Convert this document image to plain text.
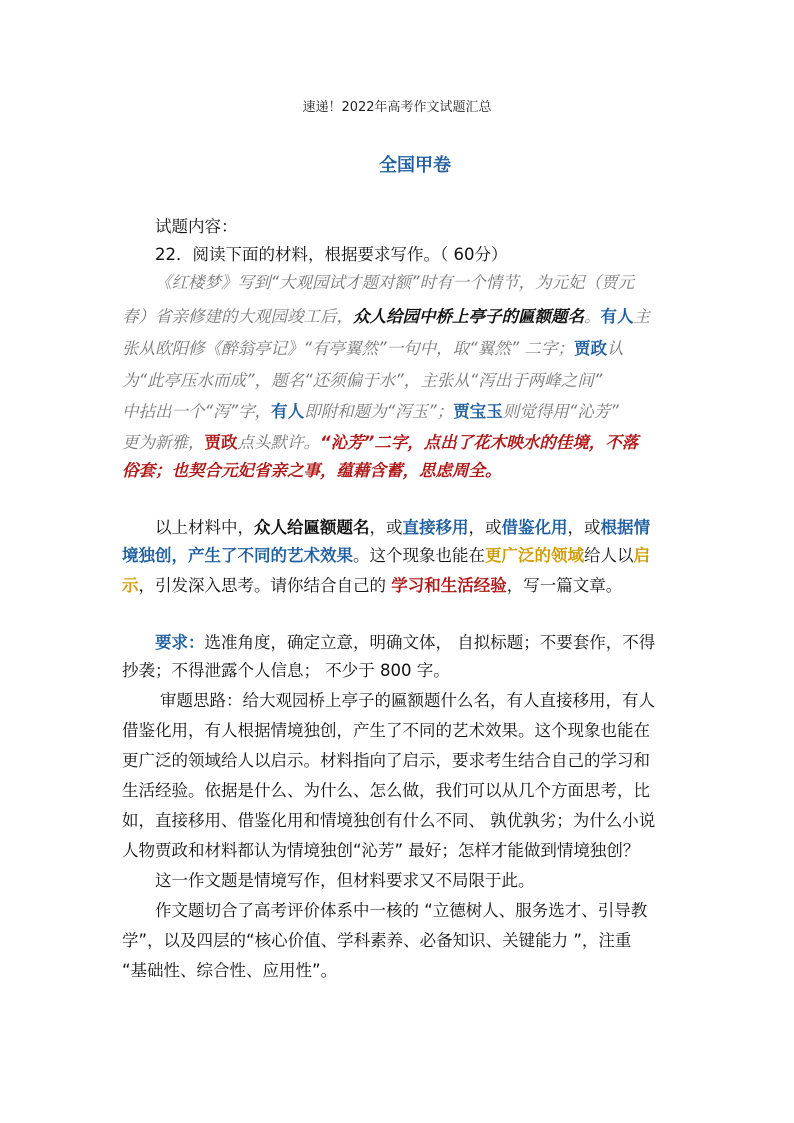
速递！2022年高考作文试题汇总
全国甲卷
试题内容：
22．阅读下面的材料，根据要求写作。（ 60分）
《红楼梦》写到“大观园试才题对额”时有一个情节，为元妃（贾元
春）省亲修建的大观园竣工后，众人给园中桥上亭子的匾额题名。有人主
张从欧阳修《醉翁亭记》“有亭翼然”一句中，取“翼然” 二字；贾政认
为“此亭压水而成”，题名“还须偏于水”，主张从“泻出于两峰之间”
中拈出一个“泻”字，有人即附和题为“泻玉”；贾宝玉则觉得用“沁芳”
更为新雅，贾政点头默许。“沁芳”二字，点出了花木映水的佳境，不落
俗套；也契合元妃省亲之事，蕴藉含蓄，思虑周全。
以上材料中，众人给匾额题名，或直接移用，或借鉴化用，或根据情
境独创，产生了不同的艺术效果。这个现象也能在更广泛的领域给人以启
示，引发深入思考。请你结合自己的 学习和生活经验，写一篇文章。
要求：选准角度，确定立意，明确文体， 自拟标题；不要套作，不得
抄袭；不得泄露个人信息； 不少于 800 字。
审题思路：给大观园桥上亭子的匾额题什么名，有人直接移用，有人
借鉴化用，有人根据情境独创，产生了不同的艺术效果。这个现象也能在
更广泛的领域给人以启示。材料指向了启示，要求考生结合自己的学习和
生活经验。依据是什么、为什么、怎么做，我们可以从几个方面思考，比
如，直接移用、借鉴化用和情境独创有什么不同、 孰优孰劣；为什么小说
人物贾政和材料都认为情境独创“沁芳” 最好；怎样才能做到情境独创？
这一作文题是情境写作，但材料要求又不局限于此。
作文题切合了高考评价体系中一核的 “立德树人、服务选才、引导教
学”，以及四层的“核心价值、学科素养、必备知识、关键能力 ”，注重
“基础性、综合性、应用性”。
